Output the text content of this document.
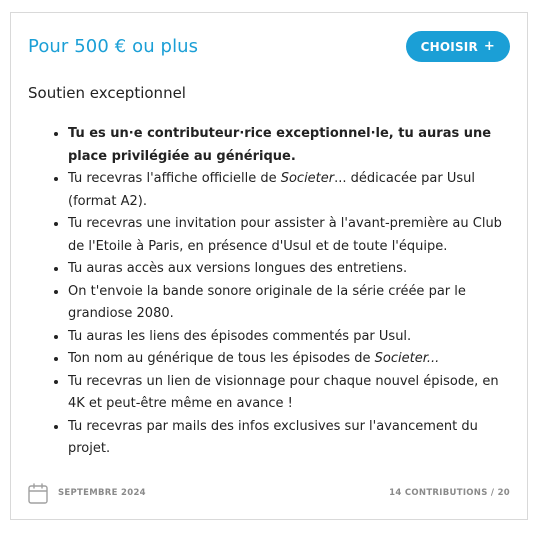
Pour 500 € ou plus	CHOISIR +
Soutien exceptionnel
• Tu es un·e contributeur·rice exceptionnel·le, tu auras une place privilégiée au générique.
• Tu recevras l'affiche officielle de Societer... dédicacée par Usul (format A2).
• Tu recevras une invitation pour assister à l'avant-première au Club de l'Etoile à Paris, en présence d'Usul et de toute l'équipe.
• Tu auras accès aux versions longues des entretiens.
• On t'envoie la bande sonore originale de la série créée par le grandiose 2080.
• Tu auras les liens des épisodes commentés par Usul.
• Ton nom au générique de tous les épisodes de Societer...
• Tu recevras un lien de visionnage pour chaque nouvel épisode, en 4K et peut-être même en avance !
• Tu recevras par mails des infos exclusives sur l'avancement du projet.
SEPTEMBRE 2024	14 CONTRIBUTIONS / 20
